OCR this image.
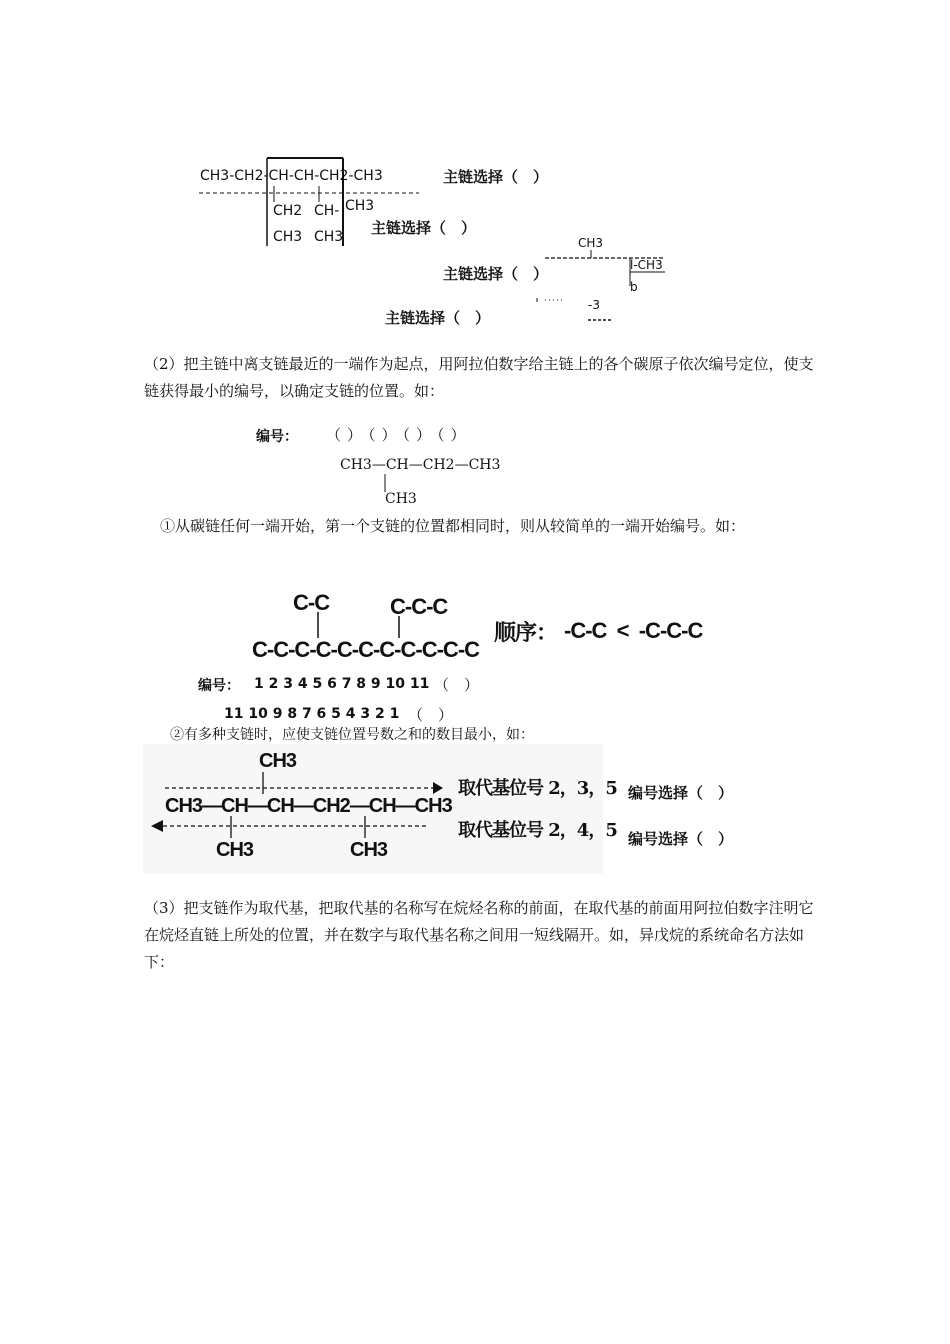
CH3-CH2-CH-CH-CH2-CH3
CH2
CH3
CH-
CH3
CH3
主链选择（　）
主链选择（　）
主链选择（　）
主链选择（　）
CH3
l-CH3
b
-3
（2）把主链中离支链最近的一端作为起点，用阿拉伯数字给主链上的各个碳原子依次编号定位，使支链获得最小的编号，以确定支链的位置。如：
编号： （）（）（）（）
CH3—CH—CH2—CH3
CH3
①从碳链任何一端开始，第一个支链的位置都相同时，则从较简单的一端开始编号。如：
C-C	C-C-C
C-C-C-C-C-C-C-C-C-C-C
顺序： -C-C  <  -C-C-C
编号： 1 2 3 4 5 6 7 8 9 10 11 （　）
11 10 9 8 7 6 5 4 3 2 1 （　）
②有多种支链时，应使支链位置号数之和的数目最小，如：
CH3
CH3—CH—CH—CH2—CH—CH3
CH3	CH3
取代基位号 2，3，5
取代基位号 2，4，5
编号选择（　）
编号选择（　）
（3）把支链作为取代基，把取代基的名称写在烷烃名称的前面，在取代基的前面用阿拉伯数字注明它在烷烃直链上所处的位置，并在数字与取代基名称之间用一短线隔开。如，异戊烷的系统命名方法如下：
